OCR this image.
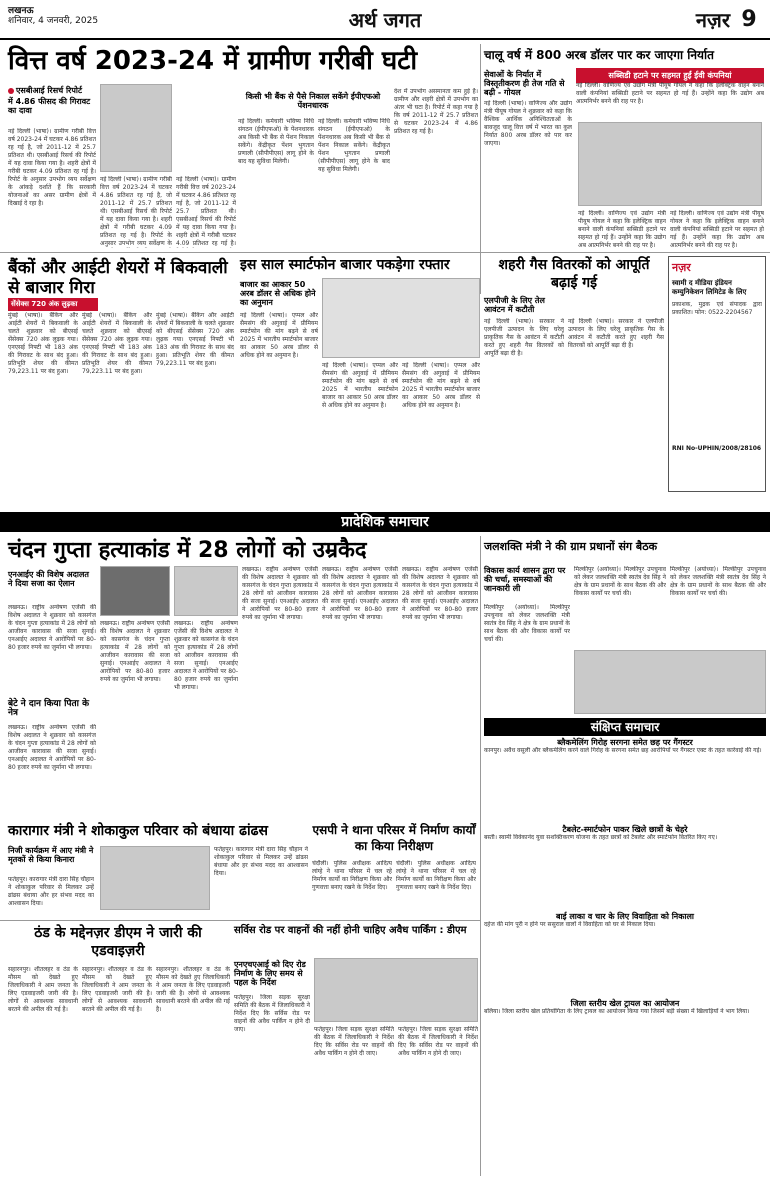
लखनऊ
शनिवार, 4 जनवरी, 2025	अर्थ जगत	नज़र 9
वित्त वर्ष 2023-24 में ग्रामीण गरीबी घटी
एसबीआई रिसर्च रिपोर्ट
में 4.86 फीसद की गिरावट का दावा
नई दिल्ली (भाषा)। ग्रामीण गरीबी वित्त वर्ष 2023-24 में घटकर 4.86 प्रतिशत रह गई है, जो 2011-12 में 25.7 प्रतिशत थी। एसबीआई रिसर्च की रिपोर्ट में यह दावा किया गया है। शहरी क्षेत्रों में गरीबी घटकर 4.09 प्रतिशत रह गई है। रिपोर्ट के अनुसार उपभोग व्यय सर्वेक्षण के आंकड़े दर्शाते हैं कि सरकारी योजनाओं का असर ग्रामीण क्षेत्रों में दिखाई दे रहा है।
नई दिल्ली (भाषा)। ग्रामीण गरीबी वित्त वर्ष 2023-24 में घटकर 4.86 प्रतिशत रह गई है, जो 2011-12 में 25.7 प्रतिशत थी। एसबीआई रिसर्च की रिपोर्ट में यह दावा किया गया है। शहरी क्षेत्रों में गरीबी घटकर 4.09 प्रतिशत रह गई है। रिपोर्ट के अनुसार उपभोग व्यय सर्वेक्षण के
नई दिल्ली (भाषा)। ग्रामीण गरीबी वित्त वर्ष 2023-24 में घटकर 4.86 प्रतिशत रह गई है, जो 2011-12 में 25.7 प्रतिशत थी। एसबीआई रिसर्च की रिपोर्ट में यह दावा किया गया है। शहरी क्षेत्रों में गरीबी घटकर 4.09 प्रतिशत रह गई है।
किसी भी बैंक से पैसे निकाल सकेंगे ईपीएफओ पेंशनधारक
नई दिल्ली। कर्मचारी भविष्य निधि संगठन (ईपीएफओ) के पेंशनधारक अब किसी भी बैंक से पेंशन निकाल सकेंगे। केंद्रीकृत पेंशन भुगतान प्रणाली (सीपीपीएस) लागू होने के बाद यह सुविधा मिलेगी।
नई दिल्ली। कर्मचारी भविष्य निधि संगठन (ईपीएफओ) के पेंशनधारक अब किसी भी बैंक से पेंशन निकाल सकेंगे। केंद्रीकृत पेंशन भुगतान प्रणाली (सीपीपीएस) लागू होने के बाद यह सुविधा मिलेगी।
देश में उपभोग असमानता कम हुई है। ग्रामीण और शहरी क्षेत्रों में उपभोग का अंतर भी घटा है। रिपोर्ट में कहा गया है कि वर्ष 2011-12 में 25.7 प्रतिशत से घटकर 2023-24 में 4.86 प्रतिशत रह गई है।
चालू वर्ष में 800 अरब डॉलर पार कर जाएगा निर्यात
सेवाओं के निर्यात में विस्तृतीकरण ही तेज गति से बढ़ी - गोयल
नई दिल्ली (भाषा)। वाणिज्य और उद्योग मंत्री पीयूष गोयल ने शुक्रवार को कहा कि वैश्विक आर्थिक अनिश्चितताओं के बावजूद चालू वित्त वर्ष में भारत का कुल निर्यात 800 अरब डॉलर को पार कर जाएगा।
सब्सिडी हटाने पर सहमत हुईं ईवी कंपनियां
नई दिल्ली। वाणिज्य एवं उद्योग मंत्री पीयूष गोयल ने कहा कि इलेक्ट्रिक वाहन बनाने वाली कंपनियां सब्सिडी हटाने पर सहमत हो गई हैं। उन्होंने कहा कि उद्योग अब आत्मनिर्भर बनने की राह पर है।
नई दिल्ली। वाणिज्य एवं उद्योग मंत्री पीयूष गोयल ने कहा कि इलेक्ट्रिक वाहन बनाने वाली कंपनियां सब्सिडी हटाने पर सहमत हो गई हैं। उन्होंने कहा कि उद्योग अब आत्मनिर्भर बनने की राह पर है।
नई दिल्ली। वाणिज्य एवं उद्योग मंत्री पीयूष गोयल ने कहा कि इलेक्ट्रिक वाहन बनाने वाली कंपनियां सब्सिडी हटाने पर सहमत हो गई हैं। उन्होंने कहा कि उद्योग अब आत्मनिर्भर बनने की राह पर है।
बैंकों और आईटी शेयरों में बिकवाली से बाजार गिरा
सेंसेक्स 720 अंक लुढ़का
मुंबई (भाषा)। बैंकिंग और आईटी शेयरों में बिकवाली के चलते शुक्रवार को बीएसई सेंसेक्स 720 अंक लुढ़क गया। एनएसई निफ्टी भी 183 अंक की गिरावट के साथ बंद हुआ। प्रतिभूति शेयर की कीमत 79,223.11 पर बंद हुआ।
मुंबई (भाषा)। बैंकिंग और आईटी शेयरों में बिकवाली के चलते शुक्रवार को बीएसई सेंसेक्स 720 अंक लुढ़क गया। एनएसई निफ्टी भी 183 अंक की गिरावट के साथ बंद हुआ। प्रतिभूति शेयर की कीमत 79,223.11 पर बंद हुआ।
मुंबई (भाषा)। बैंकिंग और आईटी शेयरों में बिकवाली के चलते शुक्रवार को बीएसई सेंसेक्स 720 अंक लुढ़क गया। एनएसई निफ्टी भी 183 अंक की गिरावट के साथ बंद हुआ। प्रतिभूति शेयर की कीमत 79,223.11 पर बंद हुआ।
इस साल स्मार्टफोन बाजार पकड़ेगा रफ्तार
बाजार का आकार 50 अरब डॉलर से अधिक होने का अनुमान
नई दिल्ली (भाषा)। एप्पल और सैमसंग की अगुवाई में प्रीमियम स्मार्टफोन की मांग बढ़ने से वर्ष 2025 में भारतीय स्मार्टफोन बाजार का आकार 50 अरब डॉलर से अधिक होने का अनुमान है।
नई दिल्ली (भाषा)। एप्पल और सैमसंग की अगुवाई में प्रीमियम स्मार्टफोन की मांग बढ़ने से वर्ष 2025 में भारतीय स्मार्टफोन बाजार का आकार 50 अरब डॉलर से अधिक होने का अनुमान है।
नई दिल्ली (भाषा)। एप्पल और सैमसंग की अगुवाई में प्रीमियम स्मार्टफोन की मांग बढ़ने से वर्ष 2025 में भारतीय स्मार्टफोन बाजार का आकार 50 अरब डॉलर से अधिक होने का अनुमान है।
शहरी गैस वितरकों को आपूर्ति बढ़ाई गई
एलपीजी के लिए तेल आवंटन में कटौती
नई दिल्ली (भाषा)। सरकार ने एलपीजी उत्पादन के लिए घरेलू प्राकृतिक गैस के आवंटन में कटौती करते हुए शहरी गैस वितरकों को आपूर्ति बढ़ा दी है।
नई दिल्ली (भाषा)। सरकार ने एलपीजी उत्पादन के लिए घरेलू प्राकृतिक गैस के आवंटन में कटौती करते हुए शहरी गैस वितरकों को आपूर्ति बढ़ा दी है।
नज़र
स्वामी द मीडिया इंडियन कम्युनिकेशन लिमिटेड के लिए
प्रकाशक, मुद्रक एवं संपादक द्वारा प्रकाशित। फोन: 0522-2204567
RNI No-UPHIN/2008/28106
प्रादेशिक समाचार
चंदन गुप्ता हत्याकांड में 28 लोगों को उम्रकैद
एनआईए की विशेष अदालत ने दिया सजा का ऐलान
लखनऊ। राष्ट्रीय अन्वेषण एजेंसी की विशेष अदालत ने शुक्रवार को कासगंज के चंदन गुप्ता हत्याकांड में 28 लोगों को आजीवन कारावास की सजा सुनाई। एनआईए अदालत ने आरोपियों पर 80-80 हजार रुपये का जुर्माना भी लगाया।
बेटे ने दान किया पिता के नेत्र
लखनऊ। राष्ट्रीय अन्वेषण एजेंसी की विशेष अदालत ने शुक्रवार को कासगंज के चंदन गुप्ता हत्याकांड में 28 लोगों को आजीवन कारावास की सजा सुनाई। एनआईए अदालत ने आरोपियों पर 80-80 हजार रुपये का जुर्माना भी लगाया।
लखनऊ। राष्ट्रीय अन्वेषण एजेंसी की विशेष अदालत ने शुक्रवार को कासगंज के चंदन गुप्ता हत्याकांड में 28 लोगों को आजीवन कारावास की सजा सुनाई। एनआईए अदालत ने आरोपियों पर 80-80 हजार रुपये का जुर्माना भी लगाया।
लखनऊ। राष्ट्रीय अन्वेषण एजेंसी की विशेष अदालत ने शुक्रवार को कासगंज के चंदन गुप्ता हत्याकांड में 28 लोगों को आजीवन कारावास की सजा सुनाई। एनआईए अदालत ने आरोपियों पर 80-80 हजार रुपये का जुर्माना भी लगाया।
लखनऊ। राष्ट्रीय अन्वेषण एजेंसी की विशेष अदालत ने शुक्रवार को कासगंज के चंदन गुप्ता हत्याकांड में 28 लोगों को आजीवन कारावास की सजा सुनाई। एनआईए अदालत ने आरोपियों पर 80-80 हजार रुपये का जुर्माना भी लगाया।
लखनऊ। राष्ट्रीय अन्वेषण एजेंसी की विशेष अदालत ने शुक्रवार को कासगंज के चंदन गुप्ता हत्याकांड में 28 लोगों को आजीवन कारावास की सजा सुनाई। एनआईए अदालत ने आरोपियों पर 80-80 हजार रुपये का जुर्माना भी लगाया।
लखनऊ। राष्ट्रीय अन्वेषण एजेंसी की विशेष अदालत ने शुक्रवार को कासगंज के चंदन गुप्ता हत्याकांड में 28 लोगों को आजीवन कारावास की सजा सुनाई। एनआईए अदालत ने आरोपियों पर 80-80 हजार रुपये का जुर्माना भी लगाया।
जलशक्ति मंत्री ने की ग्राम प्रधानों संग बैठक
विकास कार्य शासन द्वारा पर की चर्चा, समस्याओं की जानकारी ली
मिल्कीपुर (अयोध्या)। मिल्कीपुर उपचुनाव को लेकर जलशक्ति मंत्री स्वतंत्र देव सिंह ने क्षेत्र के ग्राम प्रधानों के साथ बैठक की और विकास कार्यों पर चर्चा की।
मिल्कीपुर (अयोध्या)। मिल्कीपुर उपचुनाव को लेकर जलशक्ति मंत्री स्वतंत्र देव सिंह ने क्षेत्र के ग्राम प्रधानों के साथ बैठक की और विकास कार्यों पर चर्चा की।
मिल्कीपुर (अयोध्या)। मिल्कीपुर उपचुनाव को लेकर जलशक्ति मंत्री स्वतंत्र देव सिंह ने क्षेत्र के ग्राम प्रधानों के साथ बैठक की और विकास कार्यों पर चर्चा की।
कारागार मंत्री ने शोकाकुल परिवार को बंधाया ढांढस
निजी कार्यक्रम में आए मंत्री ने मृतकों से किया किनारा
फतेहपुर। कारागार मंत्री दारा सिंह चौहान ने शोकाकुल परिवार से मिलकर उन्हें ढांढस बंधाया और हर संभव मदद का आश्वासन दिया।
फतेहपुर। कारागार मंत्री दारा सिंह चौहान ने शोकाकुल परिवार से मिलकर उन्हें ढांढस बंधाया और हर संभव मदद का आश्वासन दिया।
एसपी ने थाना परिसर में निर्माण कार्यों का किया निरीक्षण
चंदौली। पुलिस अधीक्षक आदित्य लांग्हे ने थाना परिसर में चल रहे निर्माण कार्यों का निरीक्षण किया और गुणवत्ता बनाए रखने के निर्देश दिए।
चंदौली। पुलिस अधीक्षक आदित्य लांग्हे ने थाना परिसर में चल रहे निर्माण कार्यों का निरीक्षण किया और गुणवत्ता बनाए रखने के निर्देश दिए।
संक्षिप्त समाचार
ब्लैकमेलिंग गिरोह सरगना समेत छह पर गैंगस्टर
कानपुर। अवैध वसूली और ब्लैकमेलिंग करने वाले गिरोह के सरगना समेत छह आरोपियों पर गैंगस्टर एक्ट के तहत कार्रवाई की गई।
टैबलेट-स्मार्टफोन पाकर खिले छात्रों के चेहरे
बस्ती। स्वामी विवेकानंद युवा सशक्तिकरण योजना के तहत छात्रों को टैबलेट और स्मार्टफोन वितरित किए गए।
बाई लाका व चार के लिए विवाहिता को निकाला
दहेज की मांग पूरी न होने पर ससुराल वालों ने विवाहिता को घर से निकाल दिया।
जिला स्तरीय खेल ट्रायल का आयोजन
बलिया। जिला स्तरीय खेल प्रतियोगिता के लिए ट्रायल का आयोजन किया गया जिसमें बड़ी संख्या में खिलाड़ियों ने भाग लिया।
ठंड के मद्देनज़र डीएम ने जारी की एडवाइज़री
सहारनपुर। शीतलहर व ठंड के मौसम को देखते हुए जिलाधिकारी ने आम जनता के लिए एडवाइजरी जारी की है। लोगों से आवश्यक सावधानी बरतने की अपील की गई है।
सहारनपुर। शीतलहर व ठंड के मौसम को देखते हुए जिलाधिकारी ने आम जनता के लिए एडवाइजरी जारी की है। लोगों से आवश्यक सावधानी बरतने की अपील की गई है।
सहारनपुर। शीतलहर व ठंड के मौसम को देखते हुए जिलाधिकारी ने आम जनता के लिए एडवाइजरी जारी की है। लोगों से आवश्यक सावधानी बरतने की अपील की गई है।
सर्विस रोड पर वाहनों की नहीं होनी चाहिए अवैध पार्किंग : डीएम
एनएचएआई को दिए रोड निर्माण के लिए समय से पहल के निर्देश
फतेहपुर। जिला सड़क सुरक्षा समिति की बैठक में जिलाधिकारी ने निर्देश दिए कि सर्विस रोड पर वाहनों की अवैध पार्किंग न होने दी जाए।	फतेहपुर। जिला सड़क सुरक्षा समिति की बैठक में जिलाधिकारी ने निर्देश दिए कि सर्विस रोड पर वाहनों की अवैध पार्किंग न होने दी जाए।
फतेहपुर। जिला सड़क सुरक्षा समिति की बैठक में जिलाधिकारी ने निर्देश दिए कि सर्विस रोड पर वाहनों की अवैध पार्किंग न होने दी जाए।
